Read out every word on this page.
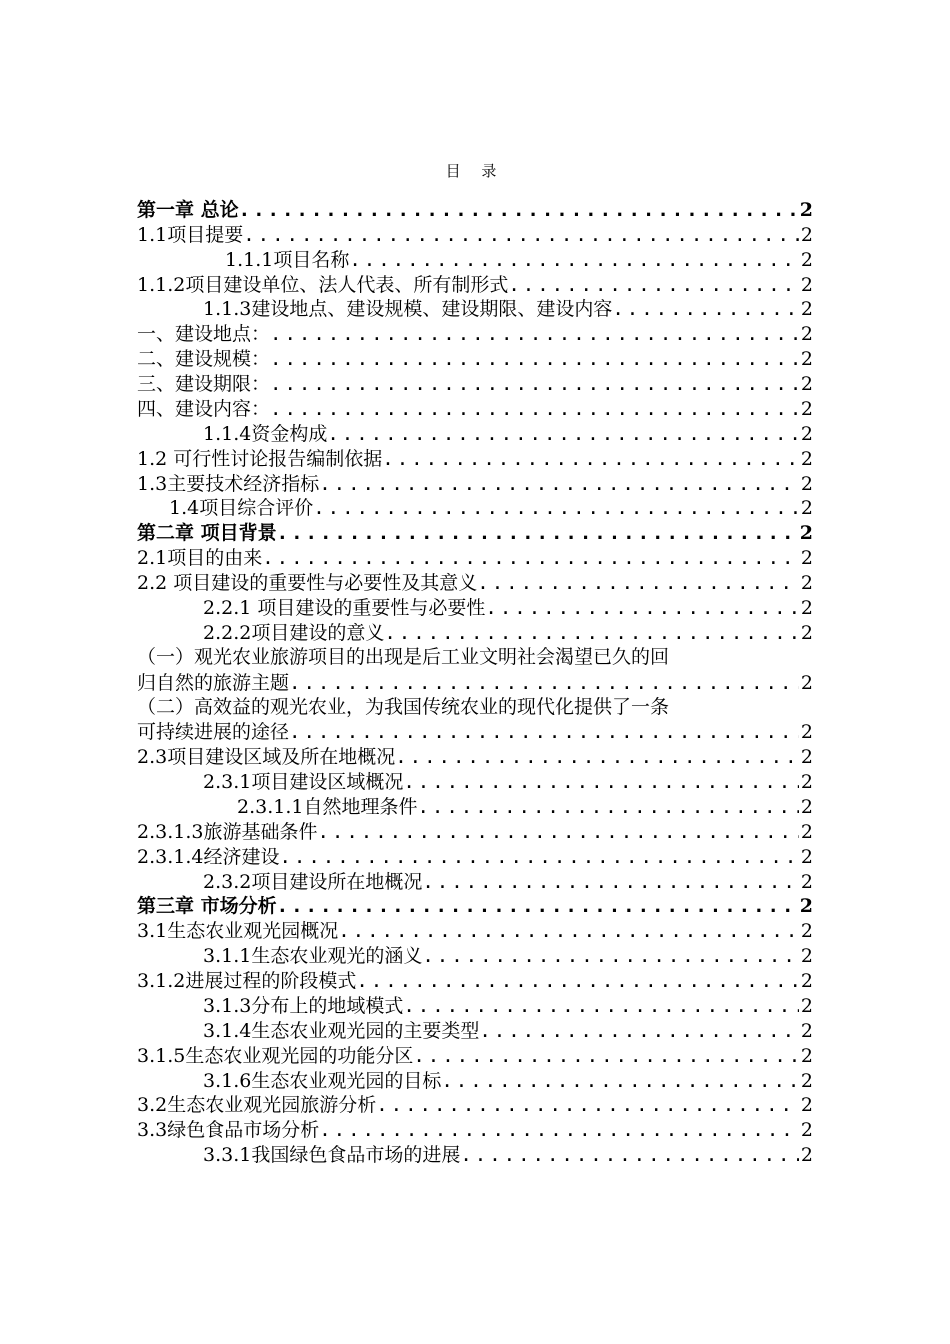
目 录
第一章 总论 .....	2
1.1项目提要 .....	2
1.1.1项目名称 .....	2
1.1.2项目建设单位、法人代表、所有制形式 .....	2
1.1.3建设地点、建设规模、建设期限、建设内容 .....	2
一、建设地点： .....	2
二、建设规模： .....	2
三、建设期限： .....	2
四、建设内容： .....	2
1.1.4资金构成 .....	2
1.2 可行性讨论报告编制依据 .....	2
1.3主要技术经济指标 .....	2
1.4项目综合评价 .....	2
第二章 项目背景 .....	2
2.1项目的由来 .....	2
2.2 项目建设的重要性与必要性及其意义 .....	2
2.2.1 项目建设的重要性与必要性 .....	2
2.2.2项目建设的意义 .....	2
（一）观光农业旅游项目的出现是后工业文明社会渴望已久的回
归自然的旅游主题 .....	2
（二）高效益的观光农业，为我国传统农业的现代化提供了一条
可持续进展的途径 .....	2
2.3项目建设区域及所在地概况 .....	2
2.3.1项目建设区域概况 .....	2
2.3.1.1自然地理条件 .....	2
2.3.1.3旅游基础条件 .....	2
2.3.1.4经济建设 .....	2
2.3.2项目建设所在地概况 .....	2
第三章 市场分析 .....	2
3.1生态农业观光园概况 .....	2
3.1.1生态农业观光的涵义 .....	2
3.1.2进展过程的阶段模式 .....	2
3.1.3分布上的地域模式 .....	2
3.1.4生态农业观光园的主要类型 .....	2
3.1.5生态农业观光园的功能分区 .....	2
3.1.6生态农业观光园的目标 .....	2
3.2生态农业观光园旅游分析 .....	2
3.3绿色食品市场分析 .....	2
3.3.1我国绿色食品市场的进展 .....	2
